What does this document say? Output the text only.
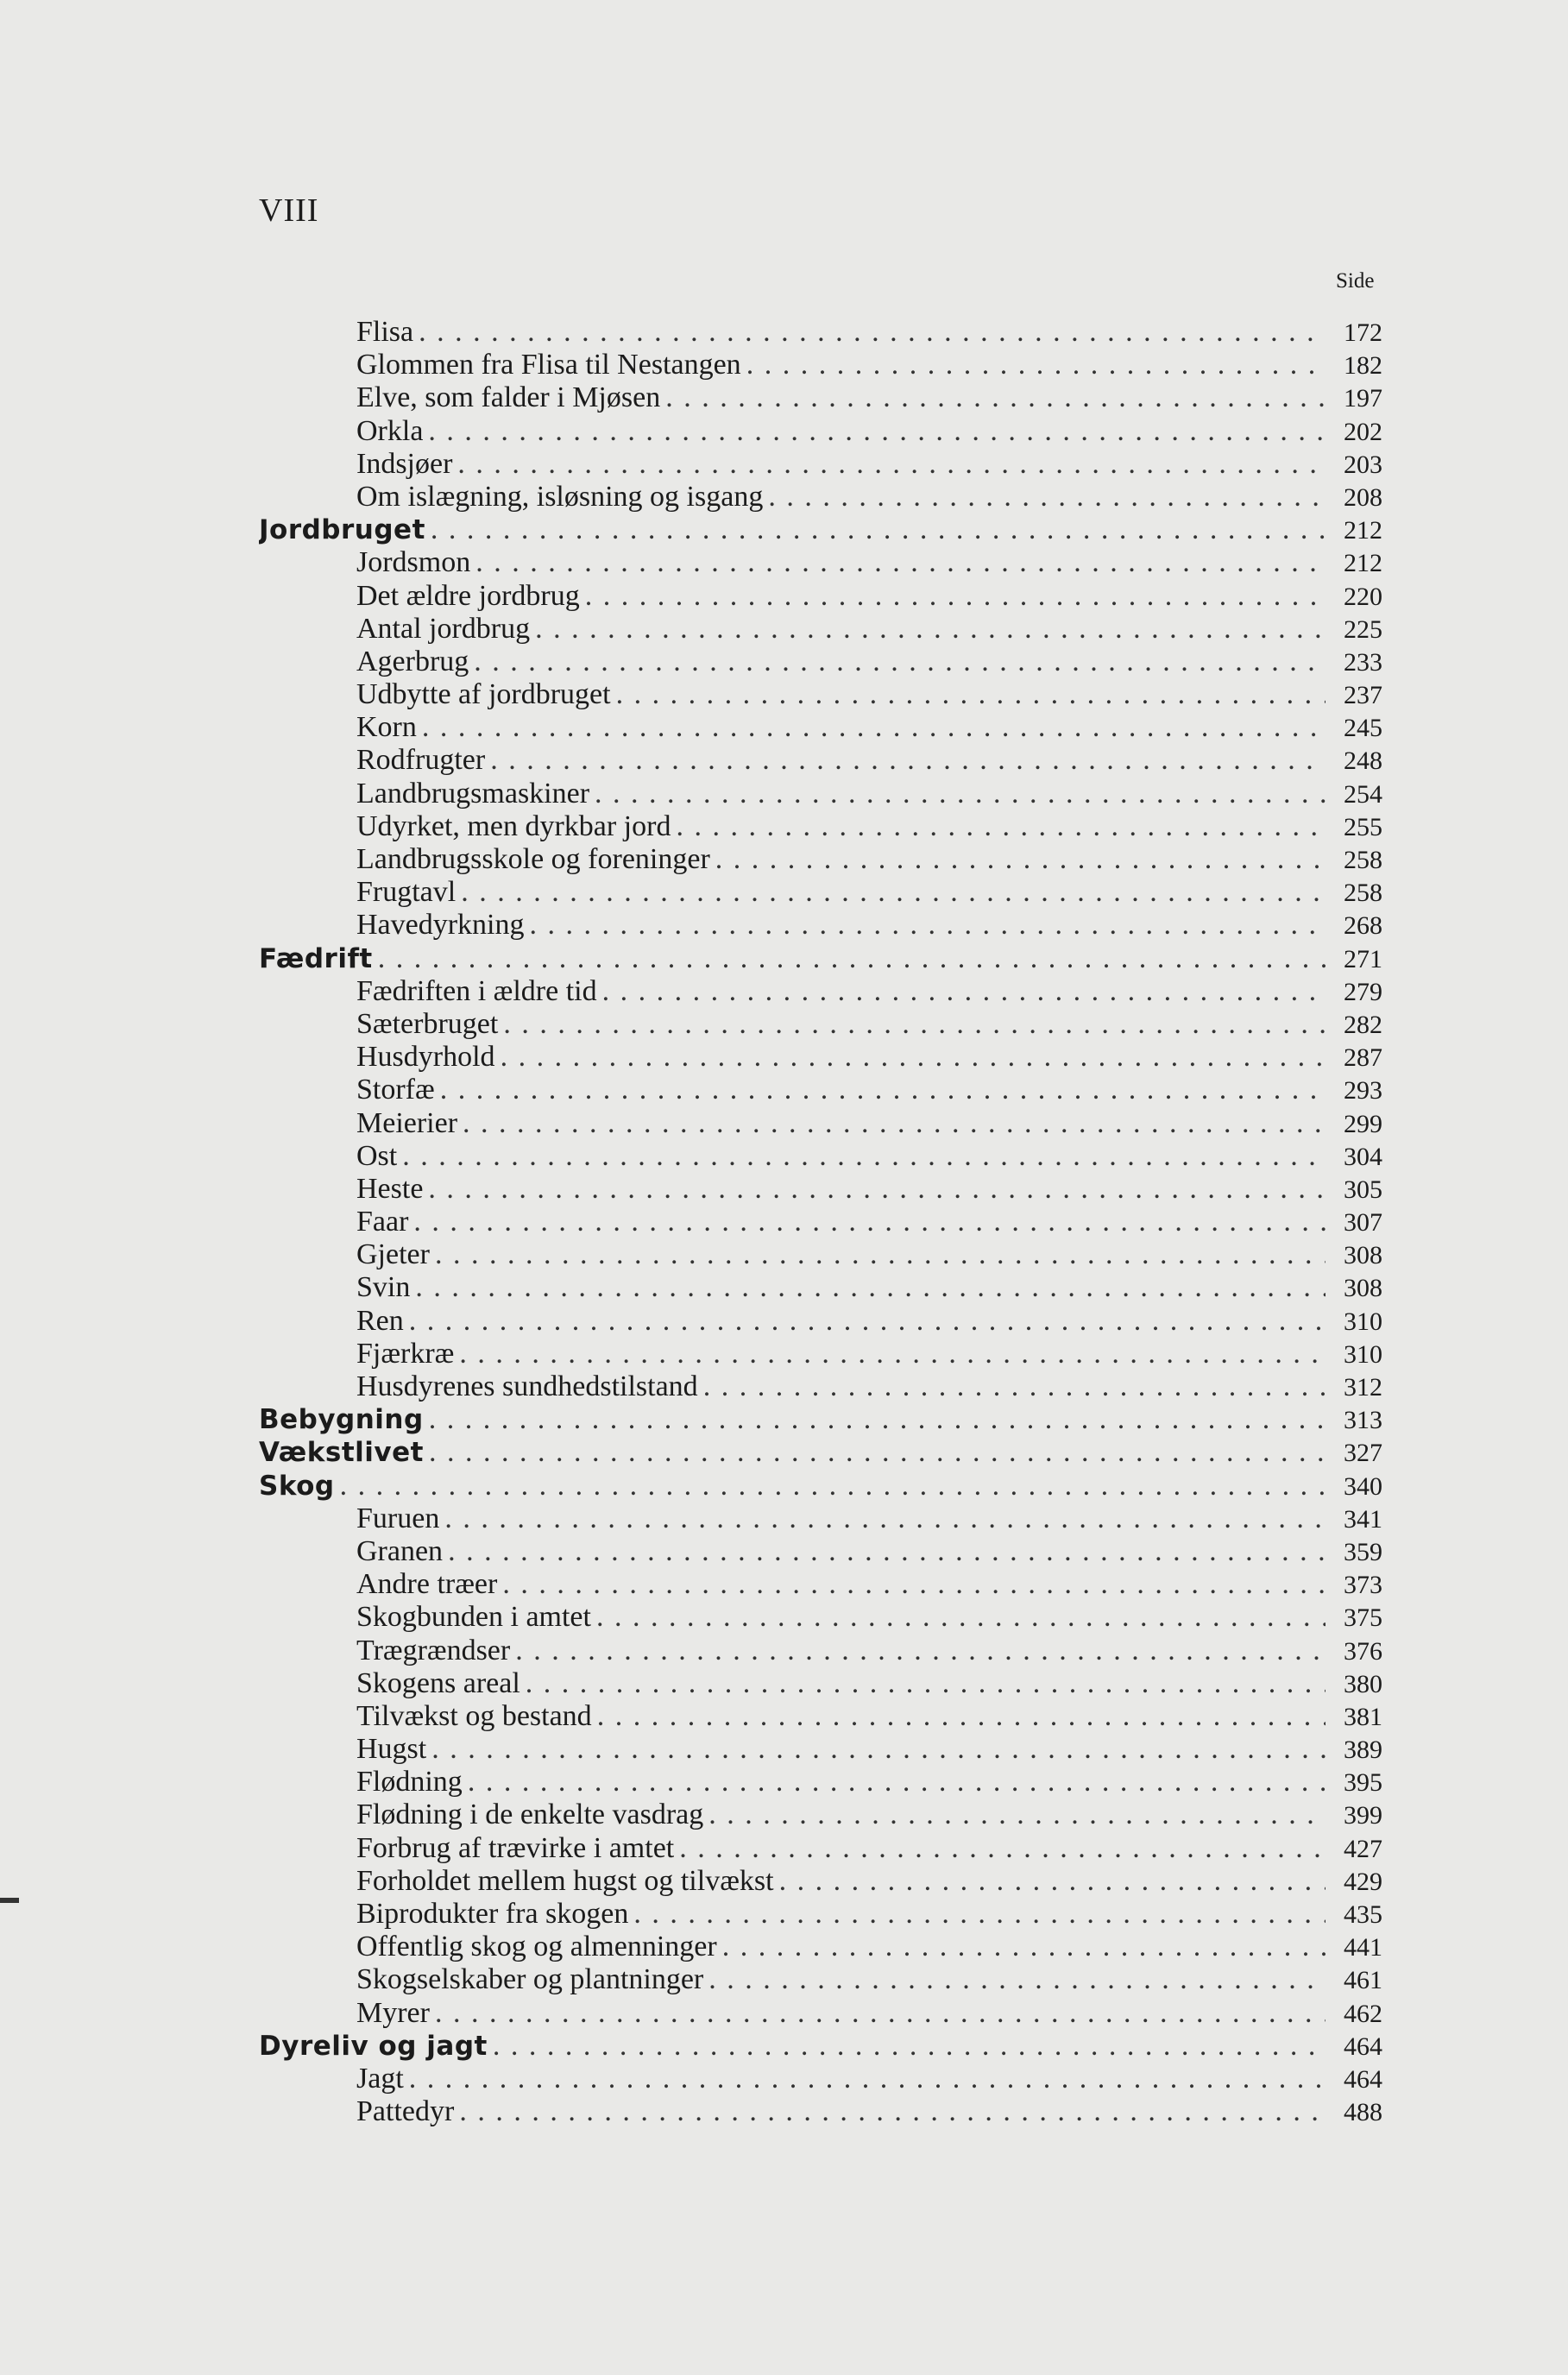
VIII
Side
Flisa . . .	172
Glommen fra Flisa til Nestangen . . .	182
Elve, som falder i Mjøsen . . .	197
Orkla . . .	202
Indsjøer . . .	203
Om islægning, isløsning og isgang . . .	208
Jordbruget . . .	212
Jordsmon . . .	212
Det ældre jordbrug . . .	220
Antal jordbrug . . .	225
Agerbrug . . .	233
Udbytte af jordbruget . . .	237
Korn . . .	245
Rodfrugter . . .	248
Landbrugsmaskiner . . .	254
Udyrket, men dyrkbar jord . . .	255
Landbrugsskole og foreninger . . .	258
Frugtavl . . .	258
Havedyrkning . . .	268
Fædrift . . .	271
Fædriften i ældre tid . . .	279
Sæterbruget . . .	282
Husdyrhold . . .	287
Storfæ . . .	293
Meierier . . .	299
Ost . . .	304
Heste . . .	305
Faar . . .	307
Gjeter . . .	308
Svin . . .	308
Ren . . .	310
Fjærkræ . . .	310
Husdyrenes sundhedstilstand . . .	312
Bebygning . . .	313
Vækstlivet . . .	327
Skog . . .	340
Furuen . . .	341
Granen . . .	359
Andre træer . . .	373
Skogbunden i amtet . . .	375
Trægrændser . . .	376
Skogens areal . . .	380
Tilvækst og bestand . . .	381
Hugst . . .	389
Flødning . . .	395
Flødning i de enkelte vasdrag . . .	399
Forbrug af trævirke i amtet . . .	427
Forholdet mellem hugst og tilvækst . . .	429
Biprodukter fra skogen . . .	435
Offentlig skog og almenninger . . .	441
Skogselskaber og plantninger . . .	461
Myrer . . .	462
Dyreliv og jagt . . .	464
Jagt . . .	464
Pattedyr . . .	488
